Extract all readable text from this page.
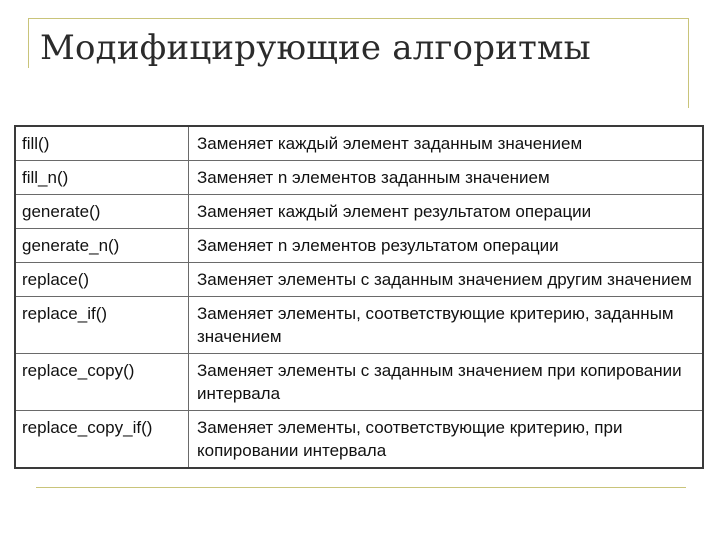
Модифицирующие алгоритмы
fill()	Заменяет каждый элемент заданным значением
fill_n()	Заменяет n элементов заданным значением
generate()	Заменяет каждый элемент результатом операции
generate_n()	Заменяет n элементов результатом операции
replace()	Заменяет элементы с заданным значением другим значением
replace_if()	Заменяет элементы, соответствующие критерию, заданным значением
replace_copy()	Заменяет элементы с заданным значением при копировании интервала
replace_copy_if()	Заменяет элементы, соответствующие критерию, при копировании интервала
